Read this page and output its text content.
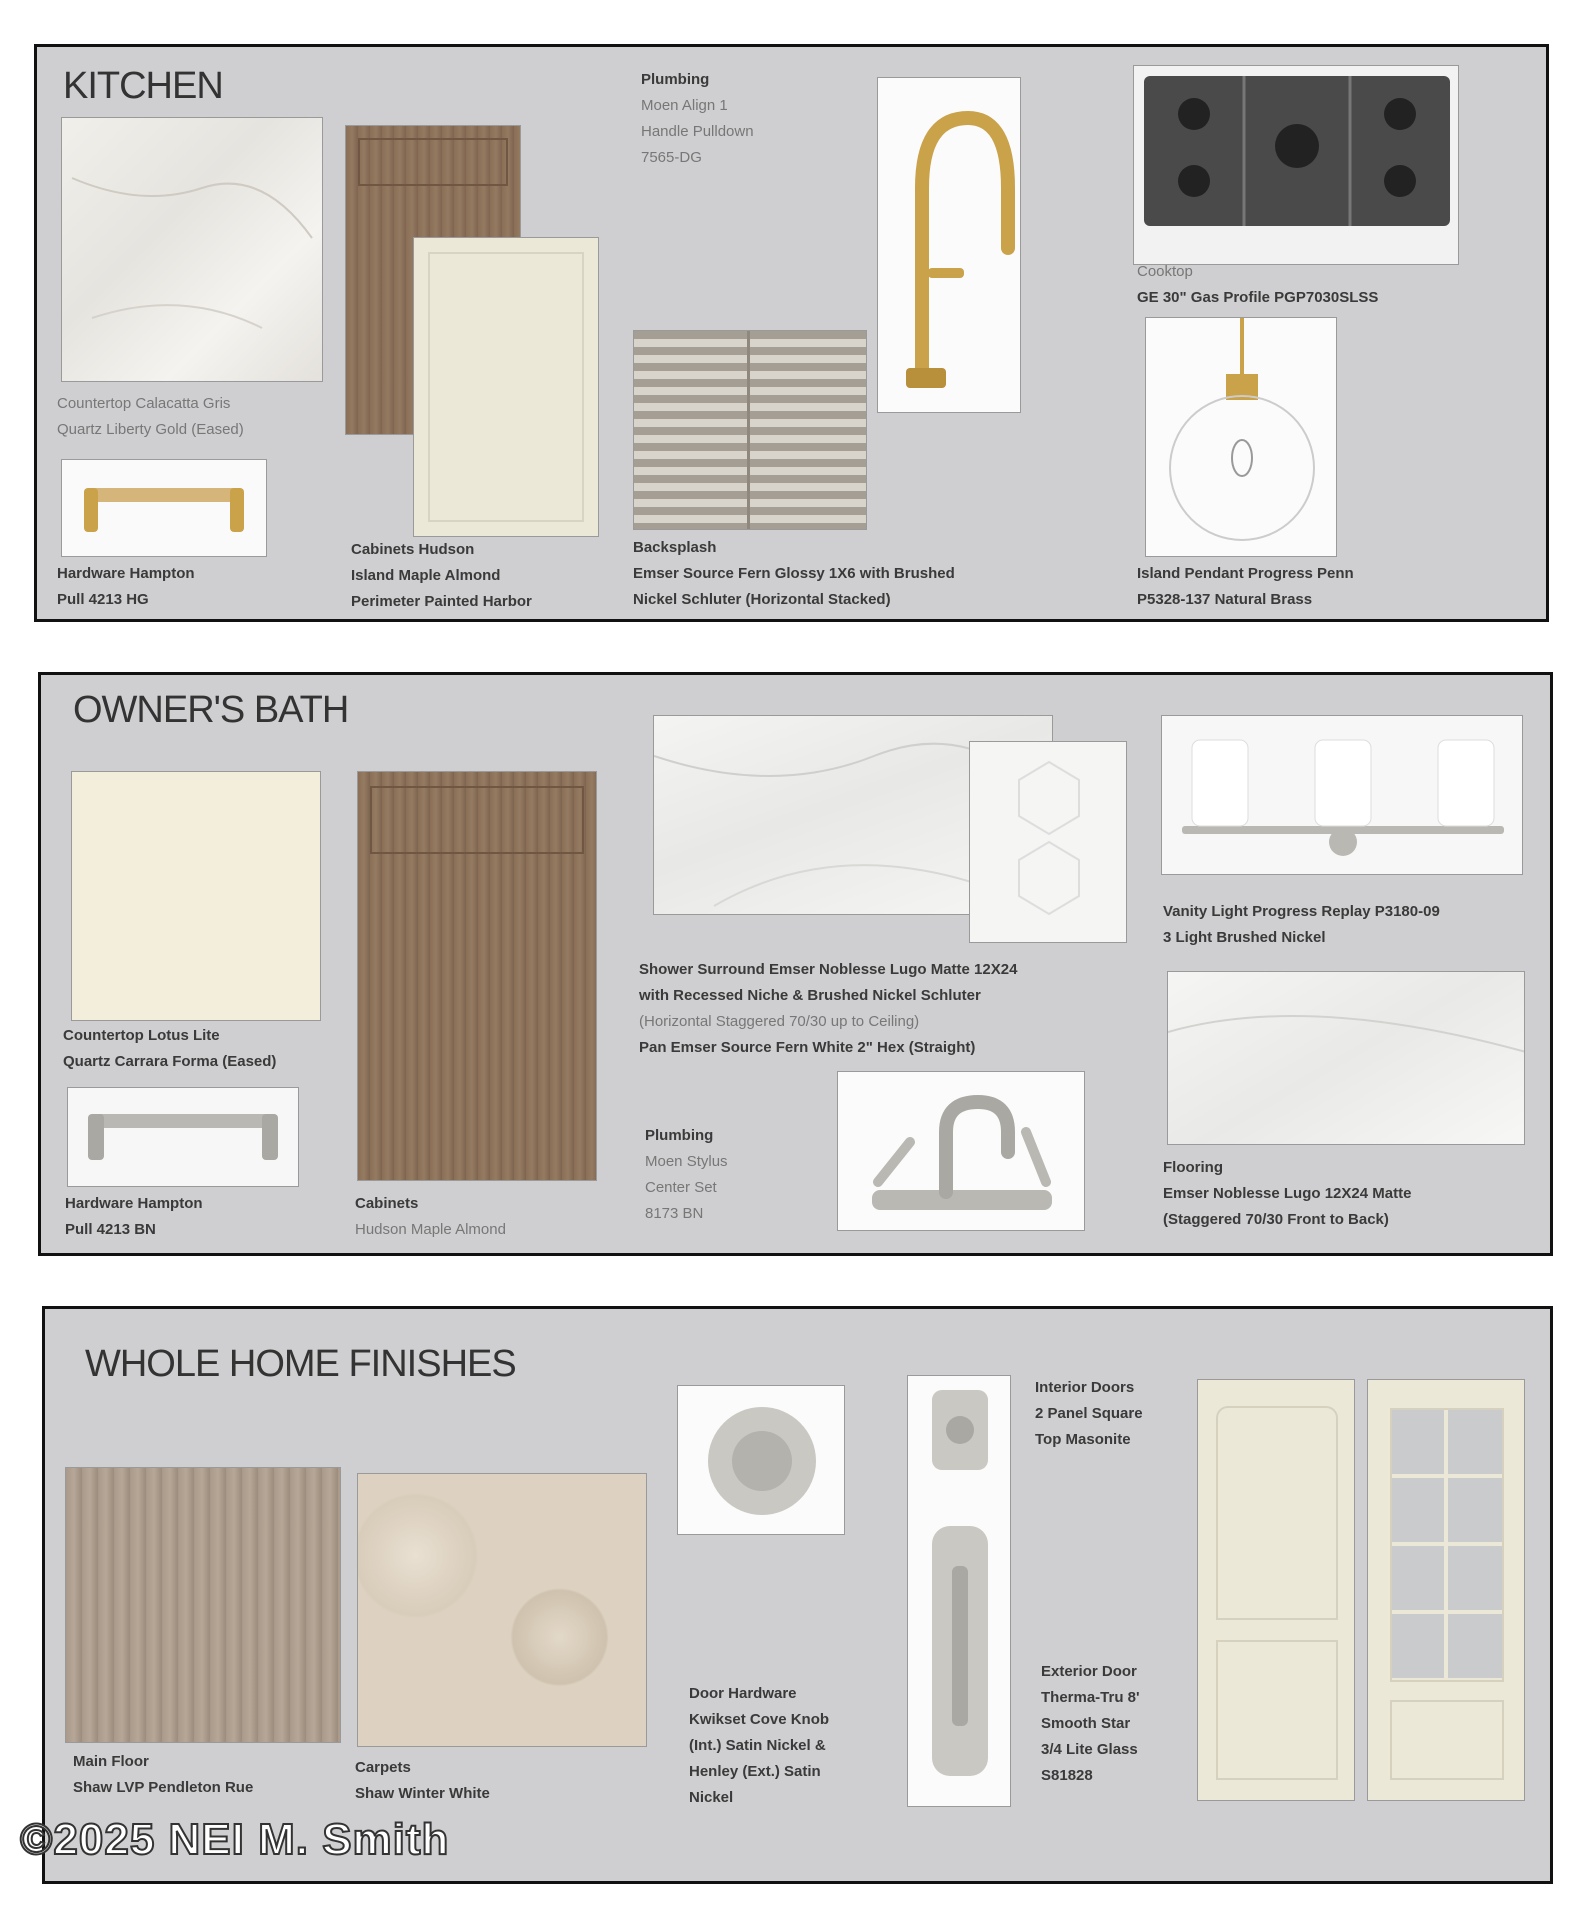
KITCHEN
Countertop Calacatta Gris
Quartz Liberty Gold (Eased)
Hardware Hampton
Pull 4213 HG
Cabinets Hudson
Island Maple Almond
Perimeter Painted Harbor
Plumbing
Moen Align 1
Handle Pulldown
7565-DG
Backsplash
Emser Source Fern Glossy 1X6 with Brushed
Nickel Schluter (Horizontal Stacked)
Cooktop
GE 30" Gas Profile PGP7030SLSS
Island Pendant Progress Penn
P5328-137 Natural Brass
OWNER'S BATH
Countertop Lotus Lite
Quartz Carrara Forma (Eased)
Hardware Hampton
Pull 4213 BN
Cabinets
Hudson Maple Almond
Shower Surround Emser Noblesse Lugo Matte 12X24
with Recessed Niche & Brushed Nickel Schluter
(Horizontal Staggered 70/30 up to Ceiling)
Pan Emser Source Fern White 2" Hex (Straight)
Plumbing
Moen Stylus
Center Set
8173 BN
Vanity Light Progress Replay P3180-09
3 Light Brushed Nickel
Flooring
Emser Noblesse Lugo 12X24 Matte
(Staggered 70/30 Front to Back)
WHOLE HOME FINISHES
Main Floor
Shaw LVP Pendleton Rue
Carpets
Shaw Winter White
Door Hardware
Kwikset Cove Knob
(Int.) Satin Nickel &
Henley (Ext.) Satin
Nickel
Interior Doors
2 Panel Square
Top Masonite
Exterior Door
Therma-Tru 8'
Smooth Star
3/4 Lite Glass
S81828
©2025 NEI M. Smith
